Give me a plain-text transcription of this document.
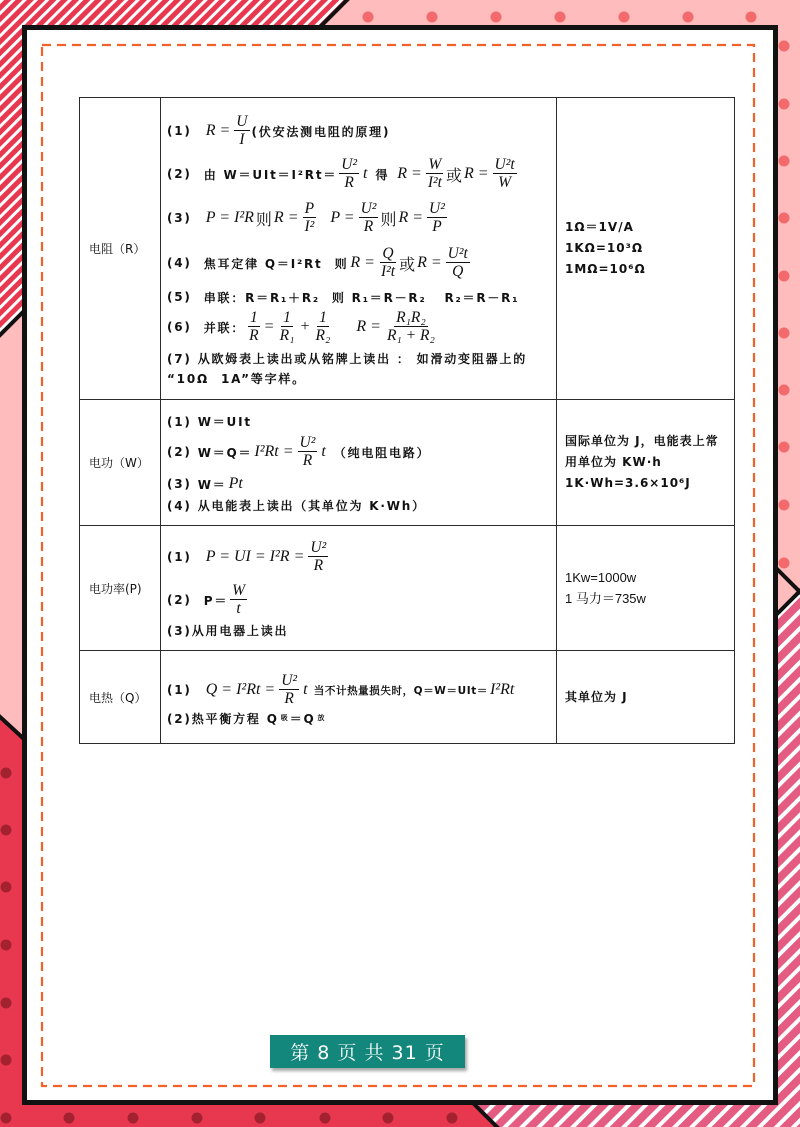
电阻（R）
(1) $R = \frac{U}{I}$ (伏安法测电阻的原理)
(2) 由 $W=UIt=I^2Rt= \frac{\text{U²}}{R}$ t 得 $R = \frac{W}{\text{I²t}}$ 或 $R = \frac{\text{U²t}}{W}$
(3) P = I²R 则 $R = \frac{P}{\text{I²}}$ $P = \frac{\text{U²}}{R}$ 则 $R = \frac{\text{U²}}{P}$
(4) 焦耳定律 Q＝I²Rt 则 $R = \frac{Q}{\text{I²t}}$ 或 $R = \frac{\text{U²t}}{Q}$
(5) 串联：R＝R₁＋R₂  则 R₁＝R－R₂   R₂＝R－R₁
(6) 并联： $\frac{1}{R} = \frac{1}{\text{R₁}} + \frac{1}{\text{R₂}}$ $R = \frac{\text{R₁R₂}}{\text{R₁ + R₂}}$
(7) 从欧姆表上读出或从铭牌上读出 ： 如滑动变阻器上的
“10Ω  1A”等字样。
1Ω＝1V/A
1KΩ=10³Ω
1MΩ=10⁶Ω
电功（W）
(1) W＝UIt
(2) $W=Q= I^2Rt = \frac{\text{U²}}{R}$ t （纯电阻电路）
(3) W＝ Pt
(4) 从电能表上读出（其单位为 K·Wh）
国际单位为 J，电能表上常
用单位为 KW·h
1K·Wh=3.6×10⁶J
电功率(P)
(1) P = UI = $I^2R = \frac{\text{U²}}{R}$
(2) $P= \frac{W}{t}$
(3)从用电器上读出
1Kw=1000w
1 马力＝735w
电热（Q）
(1) $Q = I^2Rt = \frac{\text{U²}}{R}$ t 当不计热量损失时，Q＝W＝UIt＝ I²Rt
(2)热平衡方程 Q 吸 ＝Q 放
其单位为 J
第 8 页 共 31 页
